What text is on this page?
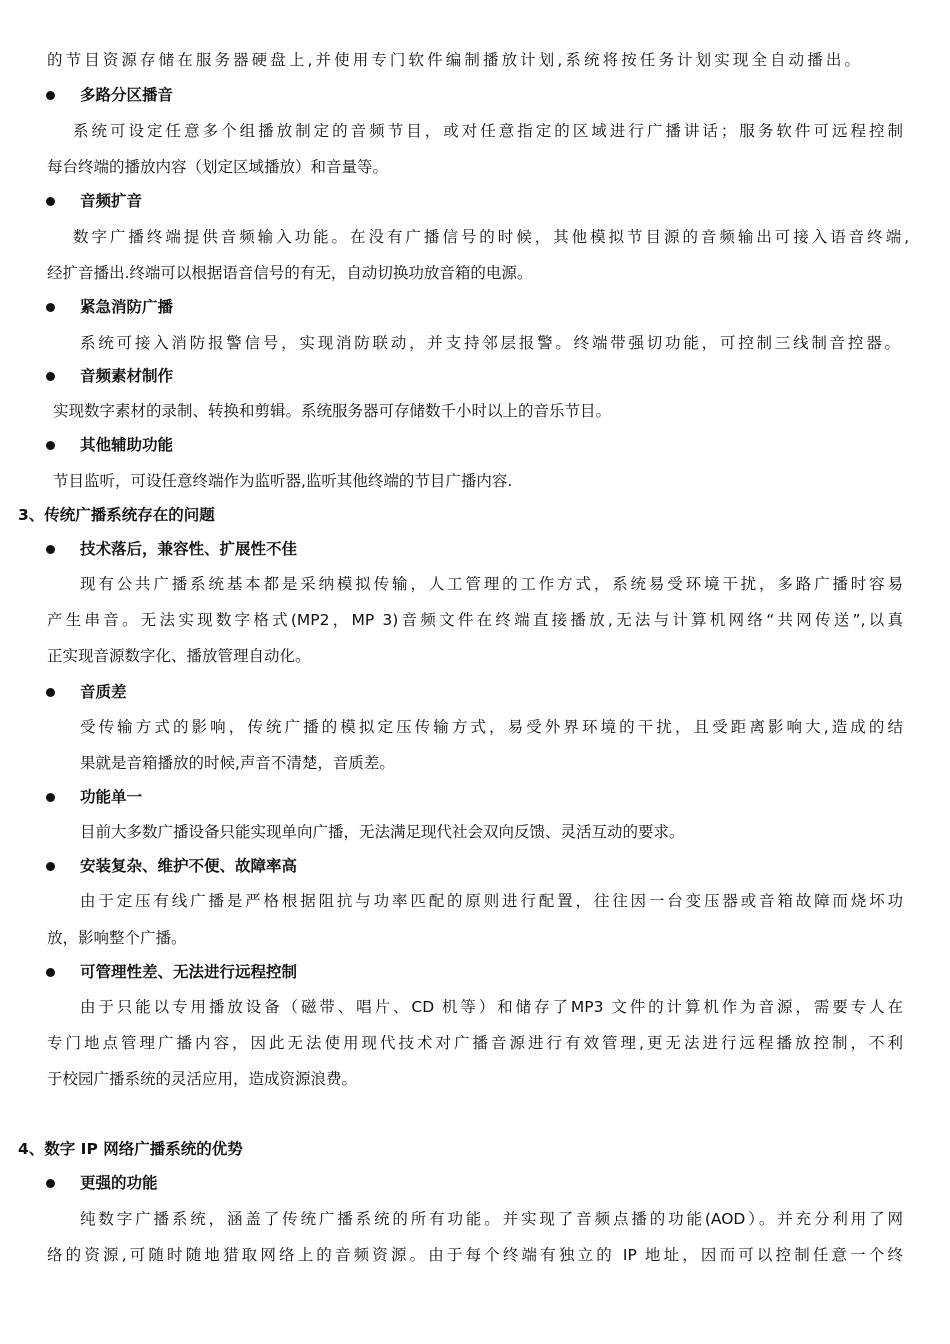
的节目资源存储在服务器硬盘上,并使用专门软件编制播放计划,系统将按任务计划实现全自动播出。
多路分区播音
系统可设定任意多个组播放制定的音频节目，或对任意指定的区域进行广播讲话；服务软件可远程控制
每台终端的播放内容（划定区域播放）和音量等。
音频扩音
数字广播终端提供音频输入功能。在没有广播信号的时候，其他模拟节目源的音频输出可接入语音终端,
经扩音播出.终端可以根据语音信号的有无，自动切换功放音箱的电源。
紧急消防广播
系统可接入消防报警信号，实现消防联动，并支持邻层报警。终端带强切功能，可控制三线制音控器。
音频素材制作
实现数字素材的录制、转换和剪辑。系统服务器可存储数千小时以上的音乐节目。
其他辅助功能
节目监听，可设任意终端作为监听器,监听其他终端的节目广播内容.
3、传统广播系统存在的问题
技术落后，兼容性、扩展性不佳
现有公共广播系统基本都是采纳模拟传输，人工管理的工作方式，系统易受环境干扰，多路广播时容易
产生串音。无法实现数字格式(MP2，MP 3)音频文件在终端直接播放,无法与计算机网络“共网传送”,以真
正实现音源数字化、播放管理自动化。
音质差
受传输方式的影响，传统广播的模拟定压传输方式，易受外界环境的干扰，且受距离影响大,造成的结
果就是音箱播放的时候,声音不清楚，音质差。
功能单一
目前大多数广播设备只能实现单向广播，无法满足现代社会双向反馈、灵活互动的要求。
安装复杂、维护不便、故障率高
由于定压有线广播是严格根据阻抗与功率匹配的原则进行配置，往往因一台变压器或音箱故障而烧坏功
放，影响整个广播。
可管理性差、无法进行远程控制
由于只能以专用播放设备（磁带、唱片、CD 机等）和储存了MP3 文件的计算机作为音源，需要专人在
专门地点管理广播内容，因此无法使用现代技术对广播音源进行有效管理,更无法进行远程播放控制，不利
于校园广播系统的灵活应用，造成资源浪费。
4、数字 IP 网络广播系统的优势
更强的功能
纯数字广播系统，涵盖了传统广播系统的所有功能。并实现了音频点播的功能(AOD）。并充分利用了网
络的资源,可随时随地猎取网络上的音频资源。由于每个终端有独立的 IP 地址，因而可以控制任意一个终
